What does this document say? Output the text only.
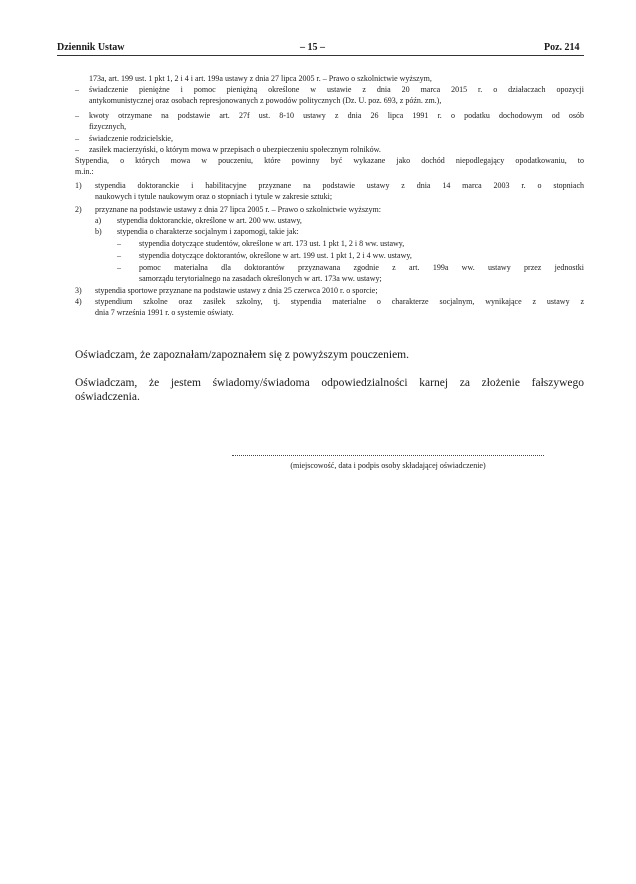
Dziennik Ustaw	– 15 –	Poz. 214
173a, art. 199 ust. 1 pkt 1, 2 i 4 i art. 199a ustawy z dnia 27 lipca 2005 r. – Prawo o szkolnictwie wyższym,
– świadczenie pieniężne i pomoc pieniężną określone w ustawie z dnia 20 marca 2015 r. o działaczach opozycji
antykomunistycznej oraz osobach represjonowanych z powodów politycznych (Dz. U. poz. 693, z późn. zm.),
– kwoty otrzymane na podstawie art. 27f ust. 8-10 ustawy z dnia 26 lipca 1991 r. o podatku dochodowym od osób
fizycznych,
– świadczenie rodzicielskie,
– zasiłek macierzyński, o którym mowa w przepisach o ubezpieczeniu społecznym rolników.
Stypendia, o których mowa w pouczeniu, które powinny być wykazane jako dochód niepodlegający opodatkowaniu, to
m.in.:
1) stypendia doktoranckie i habilitacyjne przyznane na podstawie ustawy z dnia 14 marca 2003 r. o stopniach
naukowych i tytule naukowym oraz o stopniach i tytule w zakresie sztuki;
2) przyznane na podstawie ustawy z dnia 27 lipca 2005 r. – Prawo o szkolnictwie wyższym:
a) stypendia doktoranckie, określone w art. 200 ww. ustawy,
b) stypendia o charakterze socjalnym i zapomogi, takie jak:
– stypendia dotyczące studentów, określone w art. 173 ust. 1 pkt 1, 2 i 8 ww. ustawy,
– stypendia dotyczące doktorantów, określone w art. 199 ust. 1 pkt 1, 2 i 4 ww. ustawy,
– pomoc materialna dla doktorantów przyznawana zgodnie z art. 199a ww. ustawy przez jednostki
samorządu terytorialnego na zasadach określonych w art. 173a ww. ustawy;
3) stypendia sportowe przyznane na podstawie ustawy z dnia 25 czerwca 2010 r. o sporcie;
4) stypendium szkolne oraz zasiłek szkolny, tj. stypendia materialne o charakterze socjalnym, wynikające z ustawy z
dnia 7 września 1991 r. o systemie oświaty.
Oświadczam, że zapoznałam/zapoznałem się z powyższym pouczeniem.
Oświadczam, że jestem świadomy/świadoma odpowiedzialności karnej za złożenie fałszywego
oświadczenia.
(miejscowość, data i podpis osoby składającej oświadczenie)
